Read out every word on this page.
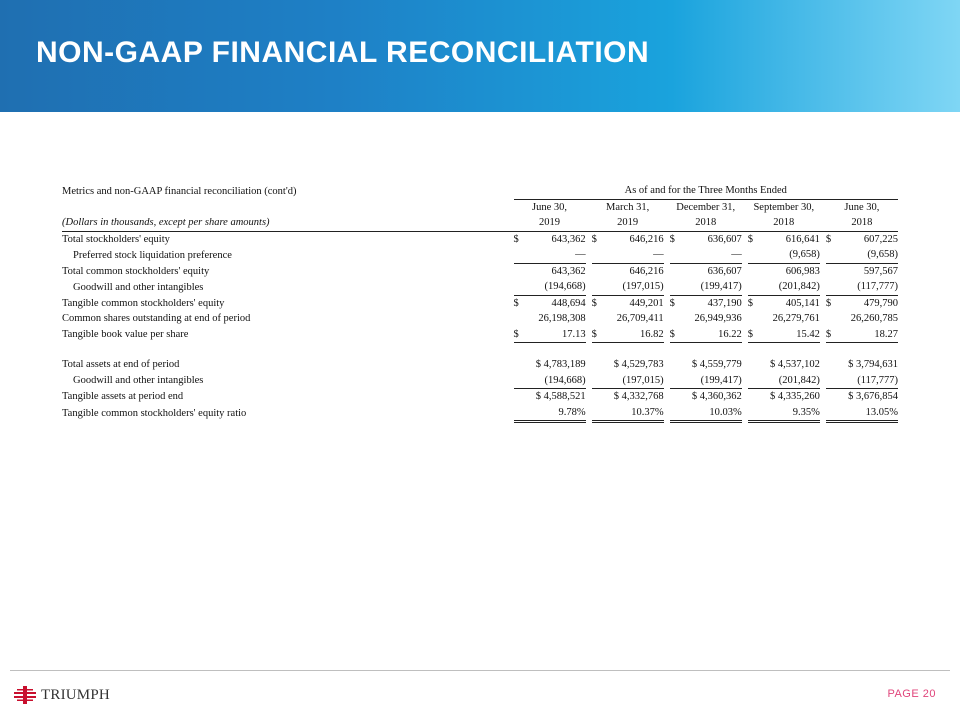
NON-GAAP FINANCIAL RECONCILIATION
Metrics and non-GAAP financial reconciliation (cont'd)		As of and for the Three Months Ended								
		June 30,		March 31,		December 31,		September 30,		June 30,
(Dollars in thousands, except per share amounts)		2019		2019		2018		2018		2018
Total stockholders' equity		$ 643,362		$ 646,216		$ 636,607		$ 616,641		$ 607,225

Preferred stock liquidation preference		—		—		—		(9,658)		(9,658)

Total common stockholders' equity		643,362		646,216		636,607		606,983		597,567

Goodwill and other intangibles		(194,668)		(197,015)		(199,417)		(201,842)		(117,777)

Tangible common stockholders' equity		$ 448,694		$ 449,201		$ 437,190		$ 405,141		$ 479,790

Common shares outstanding at end of period		26,198,308		26,709,411		26,949,936		26,279,761		26,260,785

Tangible book value per share		$ 17.13		$ 16.82		$ 16.22		$ 15.42		$ 18.27

Total assets at end of period		$ 4,783,189		$ 4,529,783		$ 4,559,779		$ 4,537,102		$ 3,794,631

Goodwill and other intangibles		(194,668)		(197,015)		(199,417)		(201,842)		(117,777)

Tangible assets at period end		$ 4,588,521		$ 4,332,768		$ 4,360,362		$ 4,335,260		$ 3,676,854

Tangible common stockholders' equity ratio		9.78%		10.37%		10.03%		9.35%		13.05%
TRIUMPH	PAGE 20
